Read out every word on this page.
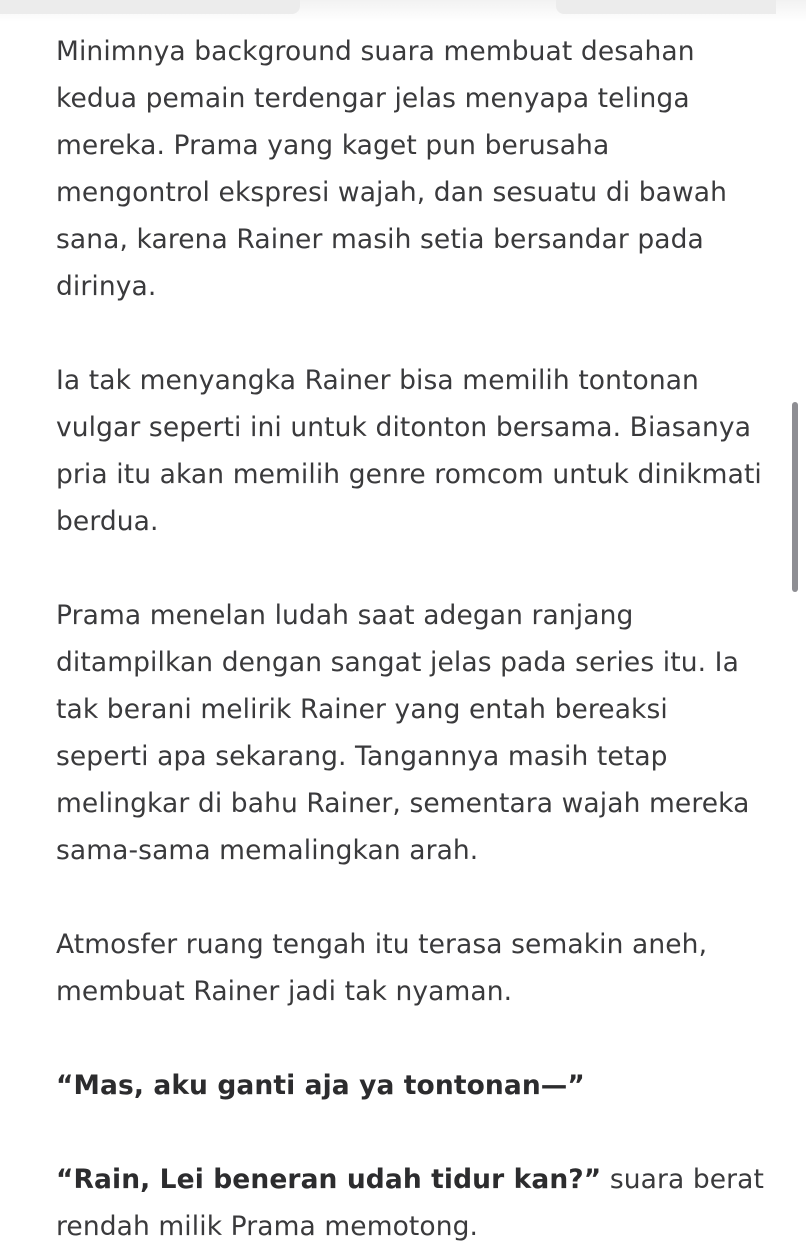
Minimnya background suara membuat desahan kedua pemain terdengar jelas menyapa telinga mereka. Prama yang kaget pun berusaha mengontrol ekspresi wajah, dan sesuatu di bawah sana, karena Rainer masih setia bersandar pada dirinya.

Ia tak menyangka Rainer bisa memilih tontonan vulgar seperti ini untuk ditonton bersama. Biasanya pria itu akan memilih genre romcom untuk dinikmati berdua.

Prama menelan ludah saat adegan ranjang ditampilkan dengan sangat jelas pada series itu. Ia tak berani melirik Rainer yang entah bereaksi seperti apa sekarang. Tangannya masih tetap melingkar di bahu Rainer, sementara wajah mereka sama-sama memalingkan arah.

Atmosfer ruang tengah itu terasa semakin aneh, membuat Rainer jadi tak nyaman.

“Mas, aku ganti aja ya tontonan—”

“Rain, Lei beneran udah tidur kan?” suara berat rendah milik Prama memotong.
